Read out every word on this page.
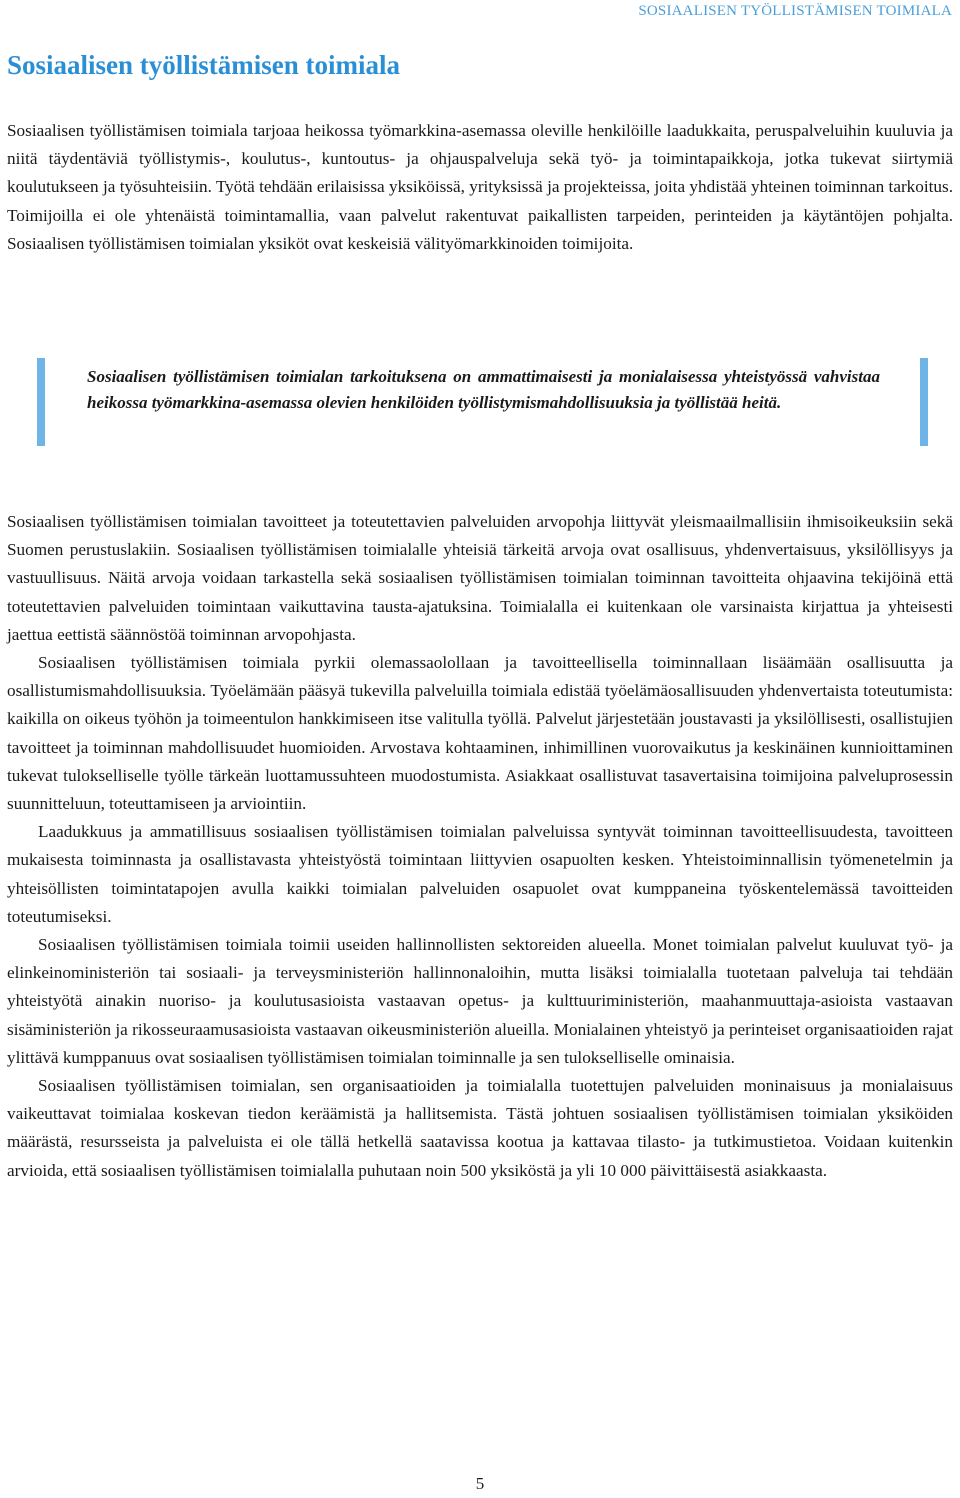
SOSIAALISEN TYÖLLISTÄMISEN TOIMIALA
Sosiaalisen työllistämisen toimiala

Sosiaalisen työllistämisen toimiala tarjoaa heikossa työmarkkina-asemassa oleville henkilöille laadukkaita, peruspalveluihin kuuluvia ja niitä täydentäviä työllistymis-, koulutus-, kuntoutus- ja ohjauspalveluja sekä työ- ja toimintapaikkoja, jotka tukevat siirtymiä koulutukseen ja työsuhteisiin. Työtä tehdään erilaisissa yksiköissä, yrityksissä ja projekteissa, joita yhdistää yhteinen toiminnan tarkoitus. Toimijoilla ei ole yhtenäistä toimintamallia, vaan palvelut rakentuvat paikallisten tarpeiden, perinteiden ja käytäntöjen pohjalta. Sosiaalisen työllistämisen toimialan yksiköt ovat keskeisiä välityömarkkinoiden toimijoita.

Sosiaalisen työllistämisen toimialan tarkoituksena on ammattimaisesti ja monialaisessa yhteistyössä vahvistaa heikossa työmarkkina-asemassa olevien henkilöiden työllistymismahdollisuuksia ja työllistää heitä.

Sosiaalisen työllistämisen toimialan tavoitteet ja toteutettavien palveluiden arvopohja liittyvät yleismaailmallisiin ihmisoikeuksiin sekä Suomen perustuslakiin. Sosiaalisen työllistämisen toimialalle yhteisiä tärkeitä arvoja ovat osallisuus, yhdenvertaisuus, yksilöllisyys ja vastuullisuus. Näitä arvoja voidaan tarkastella sekä sosiaalisen työllistämisen toimialan toiminnan tavoitteita ohjaavina tekijöinä että toteutettavien palveluiden toimintaan vaikuttavina tausta-ajatuksina. Toimialalla ei kuitenkaan ole varsinaista kirjattua ja yhteisesti jaettua eettistä säännöstöä toiminnan arvopohjasta.

Sosiaalisen työllistämisen toimiala pyrkii olemassaolollaan ja tavoitteellisella toiminnallaan lisäämään osallisuutta ja osallistumismahdollisuuksia. Työelämään pääsyä tukevilla palveluilla toimiala edistää työelämäosallisuuden yhdenvertaista toteutumista: kaikilla on oikeus työhön ja toimeentulon hankkimiseen itse valitulla työllä. Palvelut järjestetään joustavasti ja yksilöllisesti, osallistujien tavoitteet ja toiminnan mahdollisuudet huomioiden. Arvostava kohtaaminen, inhimillinen vuorovaikutus ja keskinäinen kunnioittaminen tukevat tulokselliselle työlle tärkeän luottamussuhteen muodostumista. Asiakkaat osallistuvat tasavertaisina toimijoina palveluprosessin suunnitteluun, toteuttamiseen ja arviointiin.

Laadukkuus ja ammatillisuus sosiaalisen työllistämisen toimialan palveluissa syntyvät toiminnan tavoitteellisuudesta, tavoitteen mukaisesta toiminnasta ja osallistavasta yhteistyöstä toimintaan liittyvien osapuolten kesken. Yhteistoiminnallisin työmenetelmin ja yhteisöllisten toimintatapojen avulla kaikki toimialan palveluiden osapuolet ovat kumppaneina työskentelemässä tavoitteiden toteutumiseksi.

Sosiaalisen työllistämisen toimiala toimii useiden hallinnollisten sektoreiden alueella. Monet toimialan palvelut kuuluvat työ- ja elinkeinoministeriön tai sosiaali- ja terveysministeriön hallinnonaloihin, mutta lisäksi toimialalla tuotetaan palveluja tai tehdään yhteistyötä ainakin nuoriso- ja koulutusasioista vastaavan opetus- ja kulttuuriministeriön, maahanmuuttaja-asioista vastaavan sisäministeriön ja rikosseuraamusasioista vastaavan oikeusministeriön alueilla. Monialainen yhteistyö ja perinteiset organisaatioiden rajat ylittävä kumppanuus ovat sosiaalisen työllistämisen toimialan toiminnalle ja sen tulokselliselle ominaisia.

Sosiaalisen työllistämisen toimialan, sen organisaatioiden ja toimialalla tuotettujen palveluiden moninaisuus ja monialaisuus vaikeuttavat toimialaa koskevan tiedon keräämistä ja hallitsemista. Tästä johtuen sosiaalisen työllistämisen toimialan yksiköiden määrästä, resursseista ja palveluista ei ole tällä hetkellä saatavissa kootua ja kattavaa tilasto- ja tutkimustietoa. Voidaan kuitenkin arvioida, että sosiaalisen työllistämisen toimialalla puhutaan noin 500 yksiköstä ja yli 10 000 päivittäisestä asiakkaasta.

5
